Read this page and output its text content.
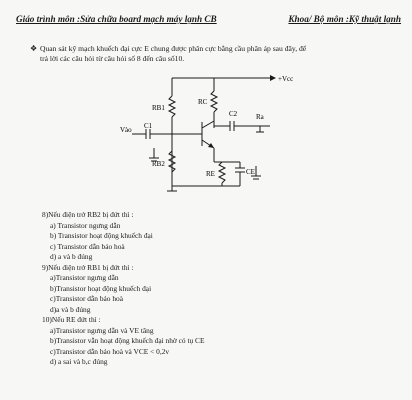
Giáo trình môn :Sửa chữa board mạch máy lạnh CB	Khoa/ Bộ môn :Kỹ thuật lạnh
❖ Quan sát kỹ mạch khuếch đại cực E chung được phân cực bằng cầu phân áp sau đây, để
trả lời các câu hỏi từ câu hỏi số 8 đến câu số10.
+Vcc
RB1
RC
C2	Ra
Vào C1
RB2
RE	CE
8)Nếu điện trở RB2 bị đứt thì :
a) Transistor ngưng dẫn
b) Transistor hoạt động khuếch đại
c) Transistor dẫn bảo hoà
d) a và b đúng
9)Nếu điện trở RB1 bị đứt thì :
a)Transistor ngưng dẫn
b)Transistor hoạt động khuếch đại
c)Transistor dẫn bảo hoà
d)a và b đúng
10)Nếu RE đứt thì :
a)Transistor ngưng dẫn và VE tăng
b)Transistor vẫn hoạt động khuếch đại nhờ có tụ CE
c)Transistor dẫn bảo hoà và VCE < 0,2v
d) a sai và b,c đúng
